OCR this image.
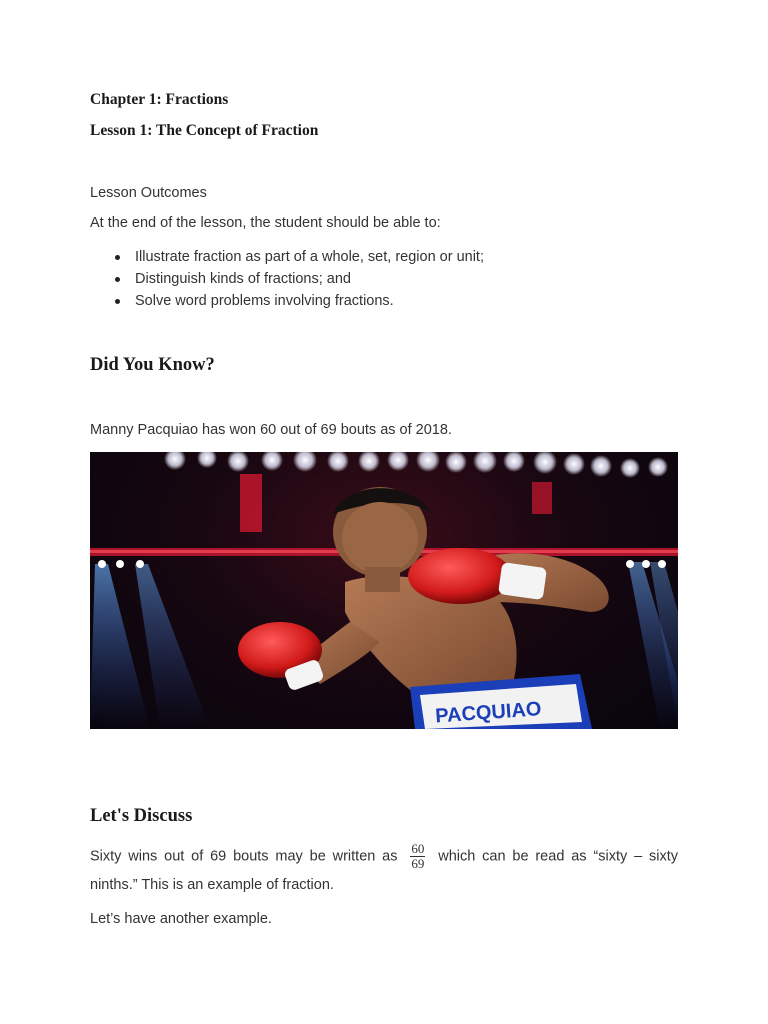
Chapter 1: Fractions
Lesson 1: The Concept of Fraction
Lesson Outcomes
At the end of the lesson, the student should be able to:
Illustrate fraction as part of a whole, set, region or unit;
Distinguish kinds of fractions; and
Solve word problems involving fractions.
Did You Know?
Manny Pacquiao has won 60 out of 69 bouts as of 2018.
PACQUIAO
Let's Discuss
Sixty wins out of 69 bouts may be written as $\frac{60}{69}$ which can be read as “sixty – sixty ninths.” This is an example of fraction.
Let’s have another example.
